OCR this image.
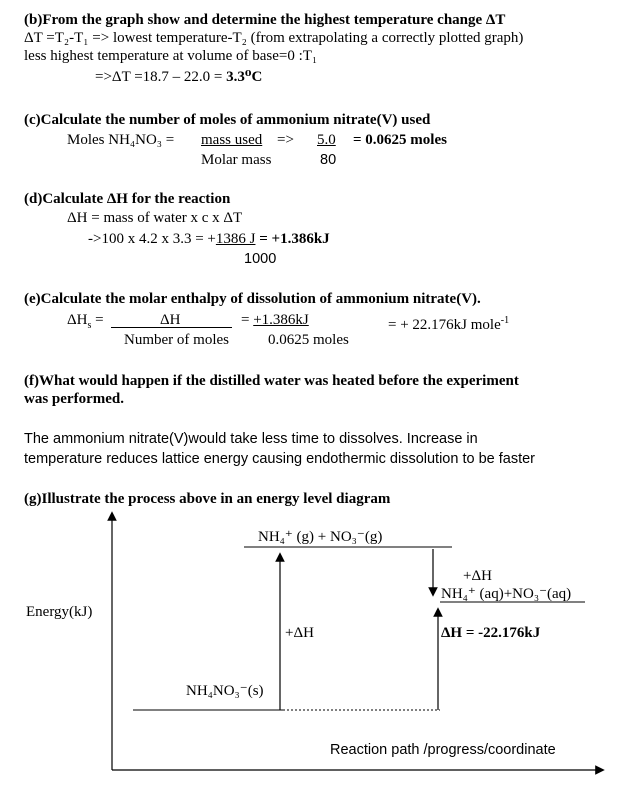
(b)From the graph show and determine the highest temperature change ΔT
ΔT =T₂-T₁ => lowest temperature-T₂ (from extrapolating a correctly plotted graph)
less highest temperature at volume of base=0 :T₁
=>ΔT =18.7 – 22.0 = 3.3⁰C
(c)Calculate the number of moles of ammonium nitrate(V) used
Moles NH₄NO₃ = mass used => 5.0 = 0.0625 moles
Molar mass	80
(d)Calculate ΔH for the reaction
ΔH = mass of water x c x ΔT
->100 x 4.2 x 3.3 = +1386 J = +1.386kJ
1000
(e)Calculate the molar enthalpy of dissolution of ammonium nitrate(V).
$\Delta H_s$ =	ΔH	= +1.386kJ	= + 22.176kJ mole$^{-1}$
Number of moles	0.0625 moles
(f)What would happen if the distilled water was heated before the experiment
was performed.
The ammonium nitrate(V)would take less time to dissolves. Increase in
temperature reduces lattice energy causing endothermic dissolution to be faster
(g)Illustrate the process above in an energy level diagram
NH₄⁺ (g) + NO₃⁻(g)
+ΔH
NH₄⁺ (aq)+NO₃⁻(aq)
Energy(kJ)
+ΔH	ΔH = -22.176kJ
NH₄NO₃⁻(s)
Reaction path /progress/coordinate
